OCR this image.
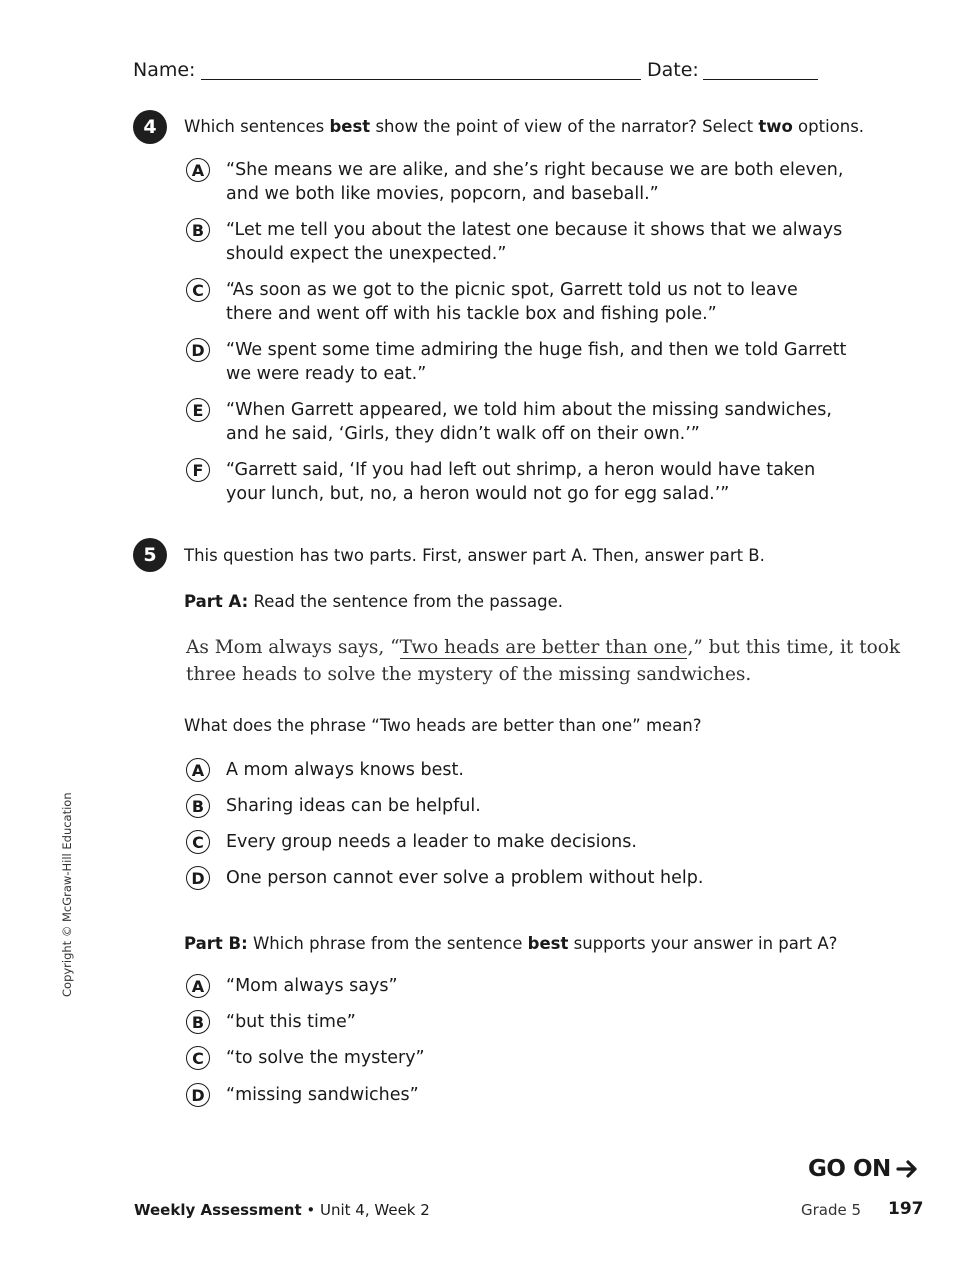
Name:	Date:
4	Which sentences best show the point of view of the narrator? Select two options.
A	“She means we are alike, and she’s right because we are both eleven,
and we both like movies, popcorn, and baseball.”
B	“Let me tell you about the latest one because it shows that we always
should expect the unexpected.”
C	“As soon as we got to the picnic spot, Garrett told us not to leave
there and went off with his tackle box and fishing pole.”
D	“We spent some time admiring the huge fish, and then we told Garrett
we were ready to eat.”
E	“When Garrett appeared, we told him about the missing sandwiches,
and he said, ‘Girls, they didn’t walk off on their own.’”
F	“Garrett said, ‘If you had left out shrimp, a heron would have taken
your lunch, but, no, a heron would not go for egg salad.’”
5	This question has two parts. First, answer part A. Then, answer part B.
Part A: Read the sentence from the passage.
As Mom always says, “Two heads are better than one,” but this time, it took
three heads to solve the mystery of the missing sandwiches.
What does the phrase “Two heads are better than one” mean?
A	A mom always knows best.
B	Sharing ideas can be helpful.
C	Every group needs a leader to make decisions.
D	One person cannot ever solve a problem without help.
Part B: Which phrase from the sentence best supports your answer in part A?
A	“Mom always says”
B	“but this time”
C	“to solve the mystery”
D	“missing sandwiches”
Copyright © McGraw-Hill Education
GO ON
Weekly Assessment • Unit 4, Week 2	Grade 5 197
